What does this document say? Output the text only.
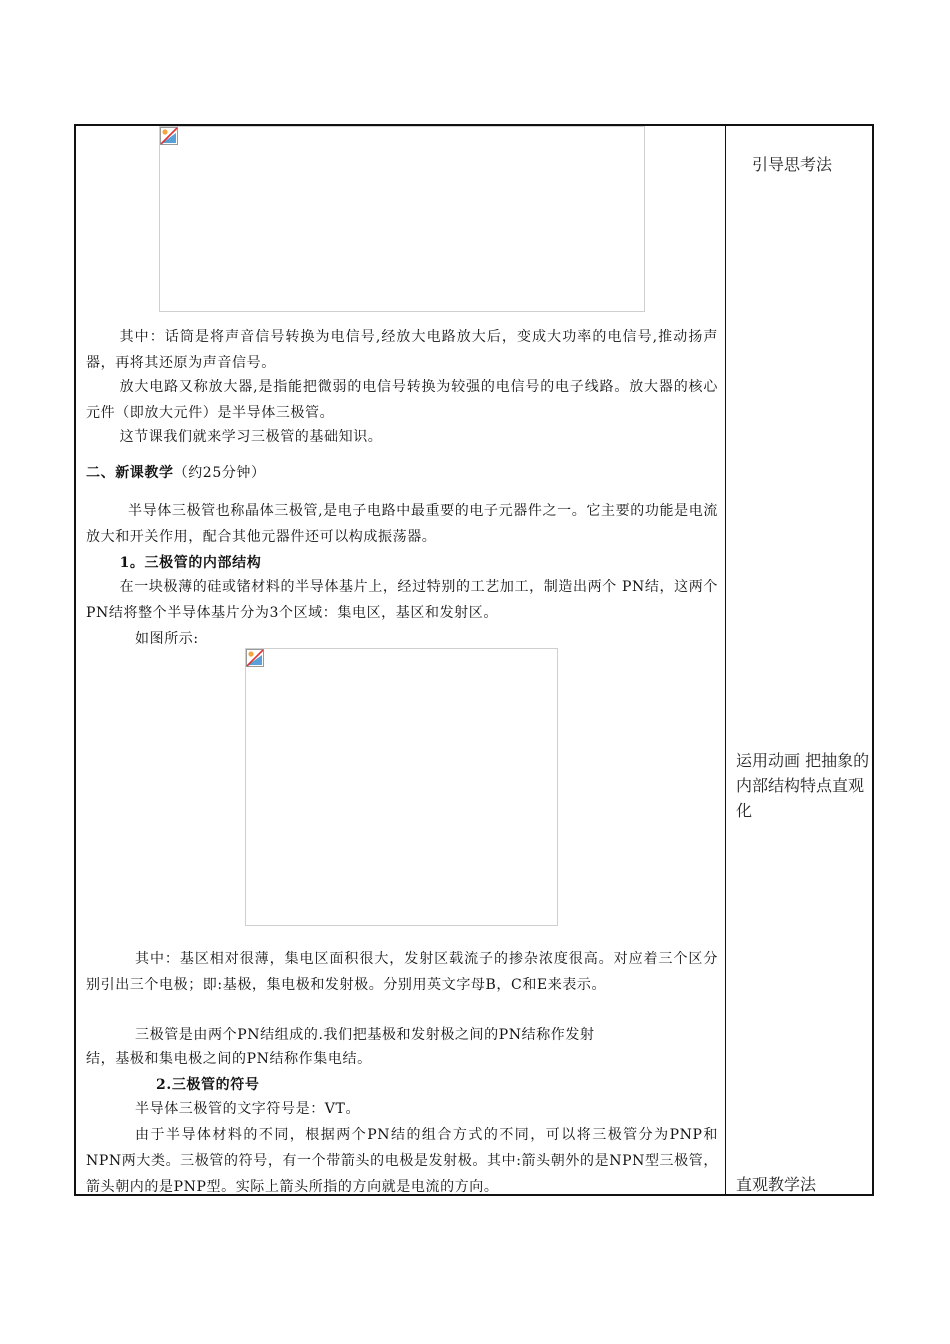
其中：话筒是将声音信号转换为电信号,经放大电路放大后，变成大功率的电信号,推动扬声器，再将其还原为声音信号。
放大电路又称放大器,是指能把微弱的电信号转换为较强的电信号的电子线路。放大器的核心元件（即放大元件）是半导体三极管。
这节课我们就来学习三极管的基础知识。
二、新课教学（约25分钟）
半导体三极管也称晶体三极管,是电子电路中最重要的电子元器件之一。它主要的功能是电流放大和开关作用，配合其他元器件还可以构成振荡器。
1。三极管的内部结构
在一块极薄的硅或锗材料的半导体基片上，经过特别的工艺加工，制造出两个 PN结，这两个PN结将整个半导体基片分为3个区域：集电区，基区和发射区。
如图所示:
其中：基区相对很薄，集电区面积很大，发射区载流子的掺杂浓度很高。对应着三个区分别引出三个电极；即:基极，集电极和发射极。分别用英文字母B，C和E来表示。
三极管是由两个PN结组成的.我们把基极和发射极之间的PN结称作发射
结，基极和集电极之间的PN结称作集电结。
2.三极管的符号
半导体三极管的文字符号是：VT。
由于半导体材料的不同，根据两个PN结的组合方式的不同，可以将三极管分为PNP和NPN两大类。三极管的符号，有一个带箭头的电极是发射极。其中:箭头朝外的是NPN型三极管，箭头朝内的是PNP型。实际上箭头所指的方向就是电流的方向。
引导思考法
运用动画 把抽象的内部结构特点直观化
直观教学法
